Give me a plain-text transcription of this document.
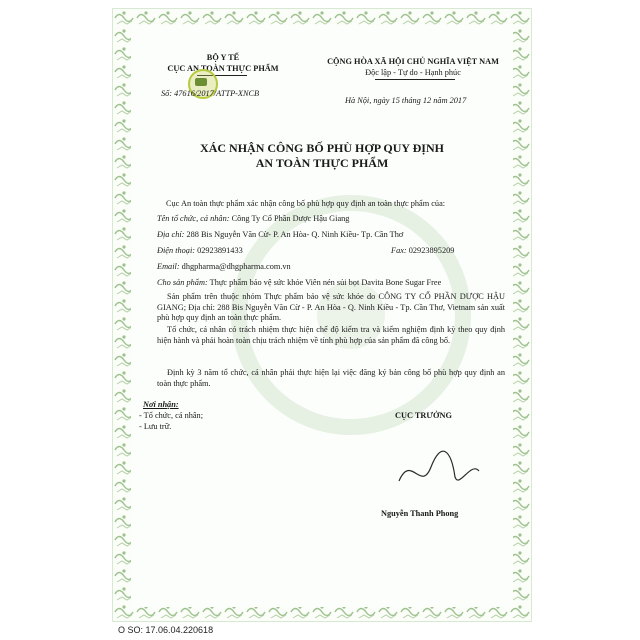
BỘ Y TẾ
CỤC AN TOÀN THỰC PHẨM
Số: 47616/2017/ATTP-XNCB
CỘNG HÒA XÃ HỘI CHỦ NGHĨA VIỆT NAM
Độc lập - Tự do - Hạnh phúc
Hà Nội, ngày 15 tháng 12 năm 2017
XÁC NHẬN CÔNG BỐ PHÙ HỢP QUY ĐỊNH
AN TOÀN THỰC PHẨM
Cục An toàn thực phẩm xác nhận công bố phù hợp quy định an toàn thực phẩm của:
Tên tổ chức, cá nhân: Công Ty Cổ Phần Dược Hậu Giang
Địa chỉ: 288 Bis Nguyễn Văn Cừ- P. An Hòa- Q. Ninh Kiều- Tp. Cần Thơ
Điện thoại: 02923891433	Fax: 02923895209
Email: dhgpharma@dhgpharma.com.vn
Cho sản phẩm: Thực phẩm bảo vệ sức khỏe Viên nén sủi bọt Davita Bone Sugar Free
Sản phẩm trên thuộc nhóm Thực phẩm bảo vệ sức khỏe do CÔNG TY CỔ PHẦN DƯỢC HẬU GIANG; Địa chỉ: 288 Bis Nguyễn Văn Cừ - P. An Hòa - Q. Ninh Kiều - Tp. Cần Thơ, Vietnam sản xuất phù hợp quy định an toàn thực phẩm.
Tổ chức, cá nhân có trách nhiệm thực hiện chế độ kiểm tra và kiểm nghiệm định kỳ theo quy định hiện hành và phải hoàn toàn chịu trách nhiệm về tính phù hợp của sản phẩm đã công bố.
Định kỳ 3 năm tổ chức, cá nhân phải thực hiện lại việc đăng ký bản công bố phù hợp quy định an toàn thực phẩm.
Nơi nhận:
- Tổ chức, cá nhân;
- Lưu trữ.
CỤC TRƯỞNG
Nguyễn Thanh Phong
O SO: 17.06.04.220618
